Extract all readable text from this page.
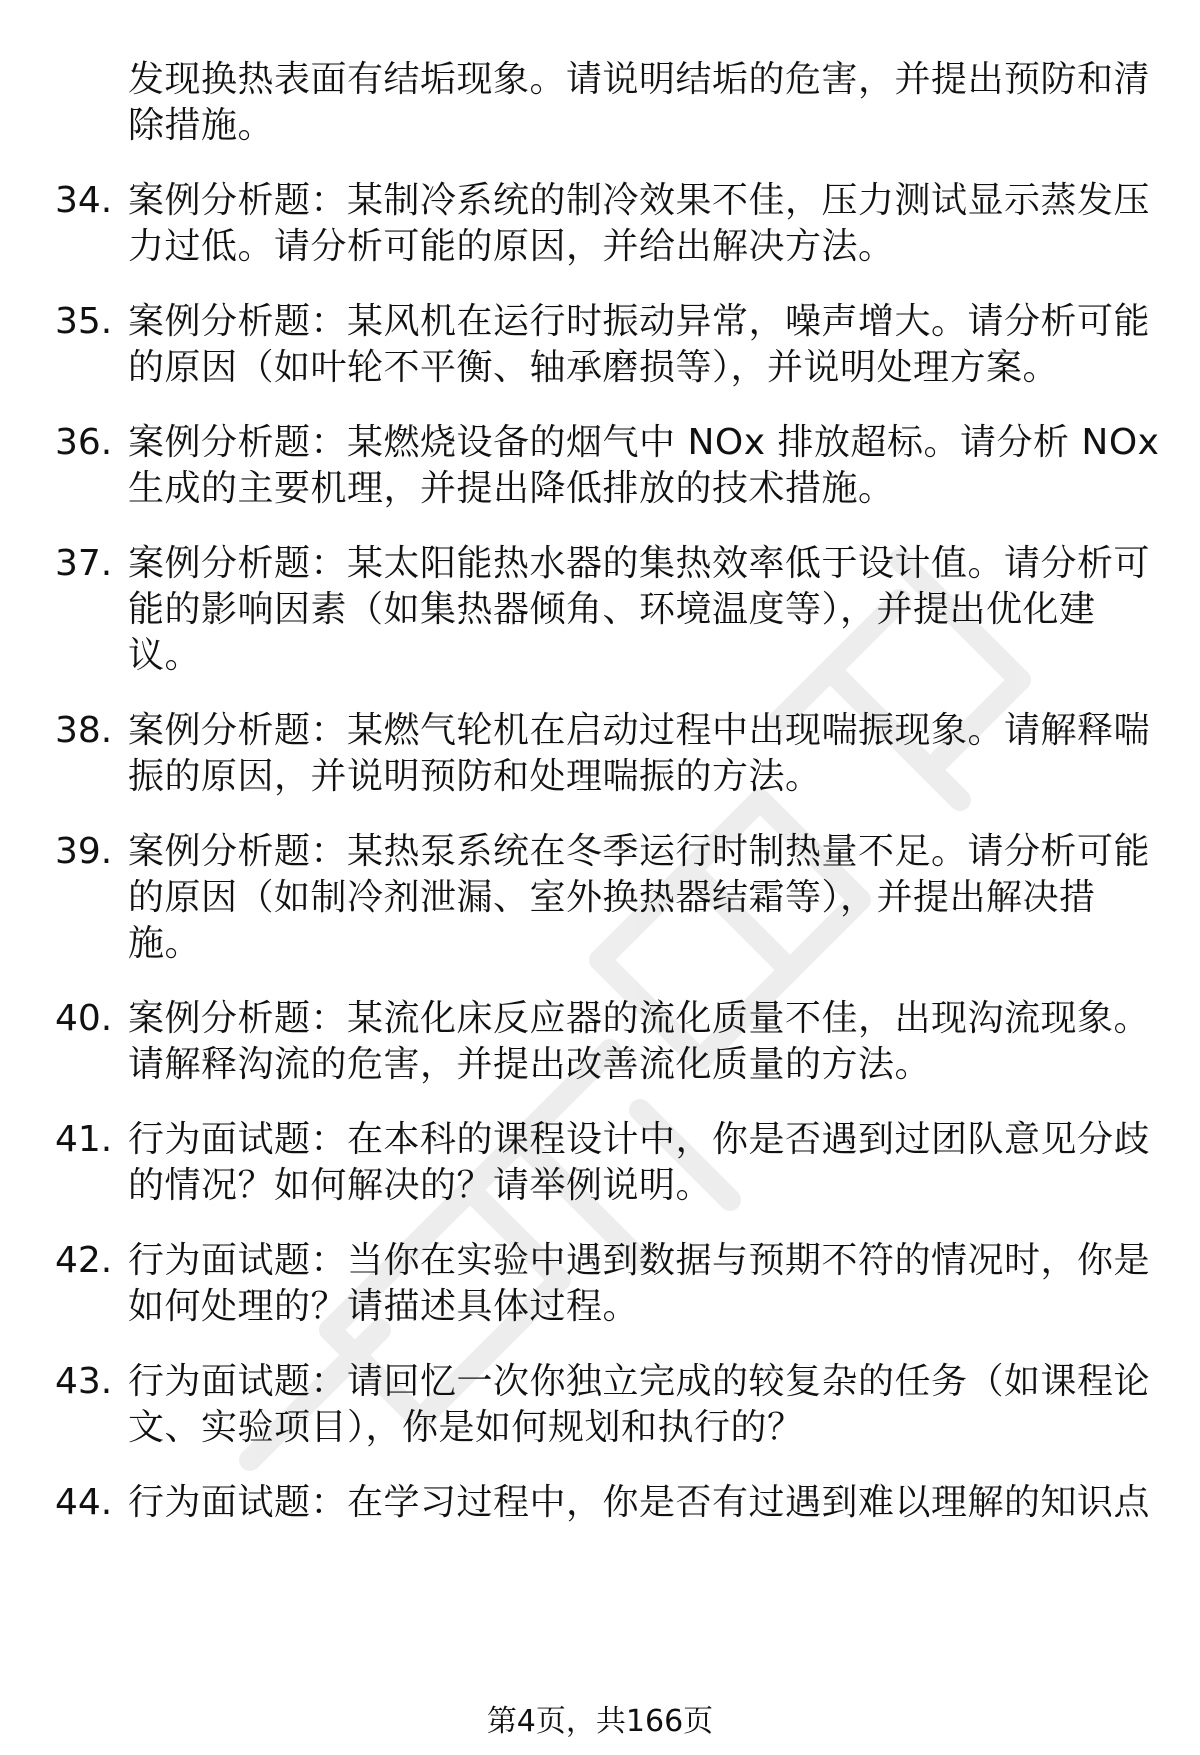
发现换热表面有结垢现象。请说明结垢的危害，并提出预防和清
除措施。
34. 案例分析题：某制冷系统的制冷效果不佳，压力测试显示蒸发压
力过低。请分析可能的原因，并给出解决方法。
35. 案例分析题：某风机在运行时振动异常，噪声增大。请分析可能
的原因（如叶轮不平衡、轴承磨损等），并说明处理方案。
36. 案例分析题：某燃烧设备的烟气中 NOx 排放超标。请分析 NOx
生成的主要机理，并提出降低排放的技术措施。
37. 案例分析题：某太阳能热水器的集热效率低于设计值。请分析可
能的影响因素（如集热器倾角、环境温度等），并提出优化建
议。
38. 案例分析题：某燃气轮机在启动过程中出现喘振现象。请解释喘
振的原因，并说明预防和处理喘振的方法。
39. 案例分析题：某热泵系统在冬季运行时制热量不足。请分析可能
的原因（如制冷剂泄漏、室外换热器结霜等），并提出解决措
施。
40. 案例分析题：某流化床反应器的流化质量不佳，出现沟流现象。
请解释沟流的危害，并提出改善流化质量的方法。
41. 行为面试题：在本科的课程设计中，你是否遇到过团队意见分歧
的情况？如何解决的？请举例说明。
42. 行为面试题：当你在实验中遇到数据与预期不符的情况时，你是
如何处理的？请描述具体过程。
43. 行为面试题：请回忆一次你独立完成的较复杂的任务（如课程论
文、实验项目），你是如何规划和执行的？
44. 行为面试题：在学习过程中，你是否有过遇到难以理解的知识点
第4页，共166页
